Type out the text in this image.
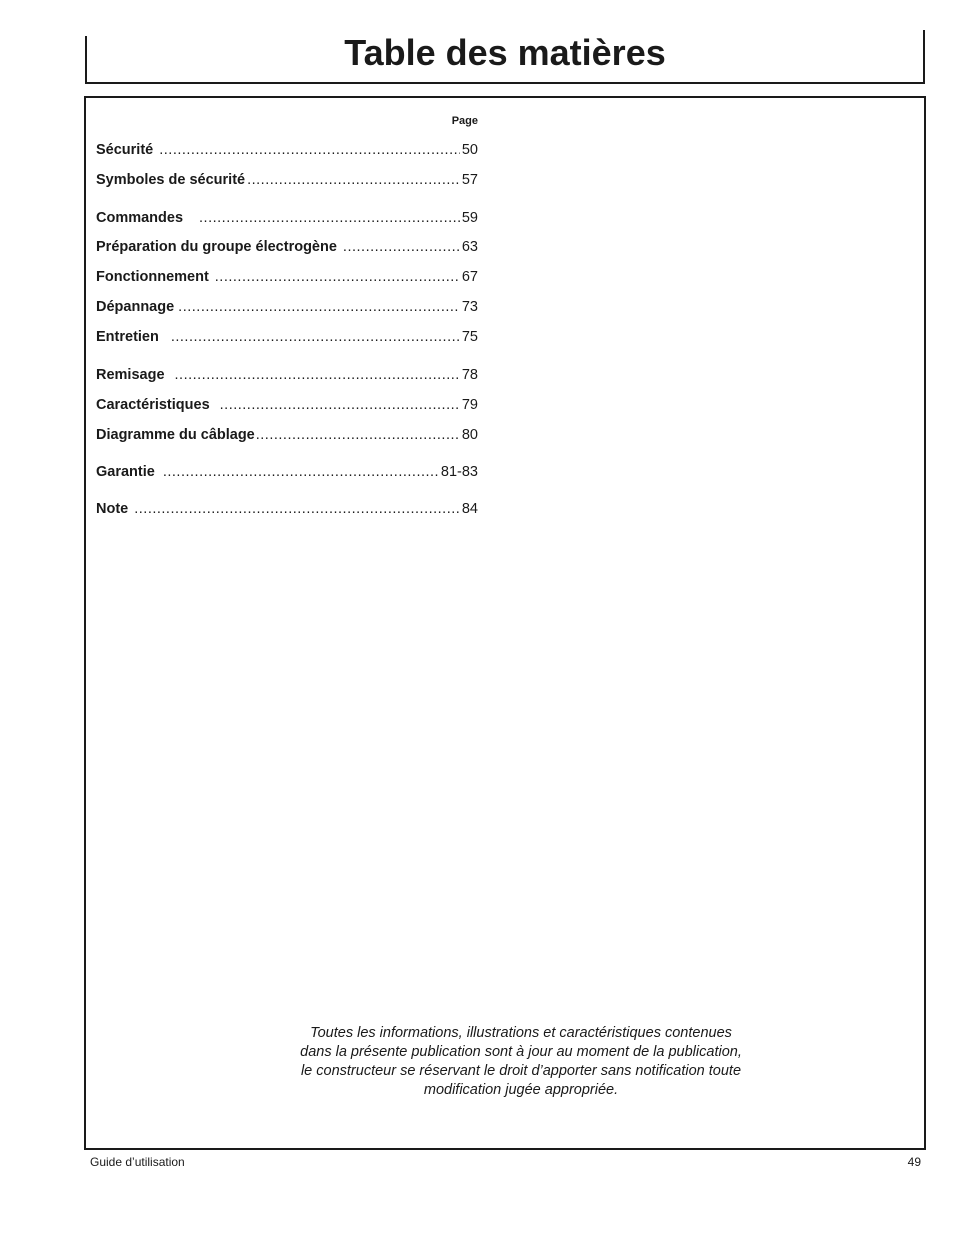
Table des matières
Page
Sécurité .....	50
Symboles de sécurité .....	57
Commandes .....	59
Préparation du groupe électrogène .....	63
Fonctionnement .....	67
Dépannage .....	73
Entretien .....	75
Remisage .....	78
Caractéristiques .....	79
Diagramme du câblage .....	80
Garantie .....	81-83
Note .....	84
Toutes les informations, illustrations et caractéristiques contenues
dans la présente publication sont à jour au moment de la publication,
le constructeur se réservant le droit d’apporter sans notification toute
modification jugée appropriée.
Guide d’utilisation	49
